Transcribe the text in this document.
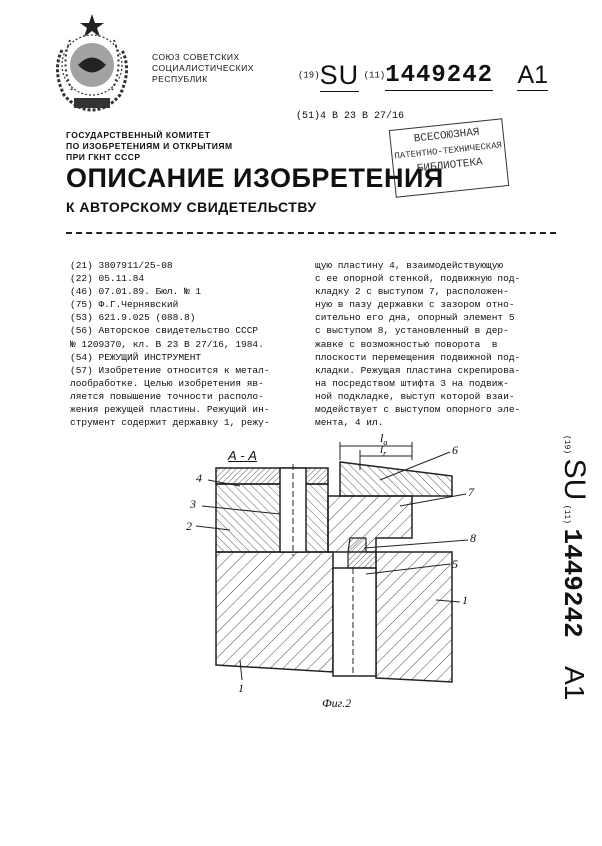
СОЮЗ СОВЕТСКИХ
СОЦИАЛИСТИЧЕСКИХ
РЕСПУБЛИК	(19)SU (11)1449242 A1
(51)4 В 23 В 27/16
ГОСУДАРСТВЕННЫЙ КОМИТЕТ
ПО ИЗОБРЕТЕНИЯМ И ОТКРЫТИЯМ
ПРИ ГКНТ СССР
ВСЕСОЮЗНАЯ
ПАТЕНТНО-ТЕХНИЧЕСКАЯ
БИБЛИОТЕКА
ОПИСАНИЕ ИЗОБРЕТЕНИЯ
К АВТОРСКОМУ СВИДЕТЕЛЬСТВУ
(21) 3807911/25-08
(22) 05.11.84
(46) 07.01.89. Бюл. № 1
(75) Ф.Г.Чернявский
(53) 621.9.025 (088.8)
(56) Авторское свидетельство СССР
№ 1209370, кл. В 23 В 27/16, 1984.
(54) РЕЖУЩИЙ ИНСТРУМЕНТ
(57) Изобретение относится к метал-
лообработке. Целью изобретения яв-
ляется повышение точности располо-
жения режущей пластины. Режущий ин-
струмент содержит державку 1, режу-
щую пластину 4, взаимодействующую
с ее опорной стенкой, подвижную под-
кладку 2 с выступом 7, расположен-
ную в пазу державки с зазором отно-
сительно его дна, опорный элемент 5
с выступом 8, установленный в дер-
жавке с возможностью поворота  в
плоскости перемещения подвижной под-
кладки. Режущая пластина скрепирова-
на посредством штифта 3 на подвиж-
ной подкладке, выступ которой взаи-
модействует с выступом опорного эле-
мента, 4 ил.
(19) SU (11) 1449242 A1
А - А
$l_a$
$l_r$
4
3
2
6
7
8
5
1
1
Фиг.2
